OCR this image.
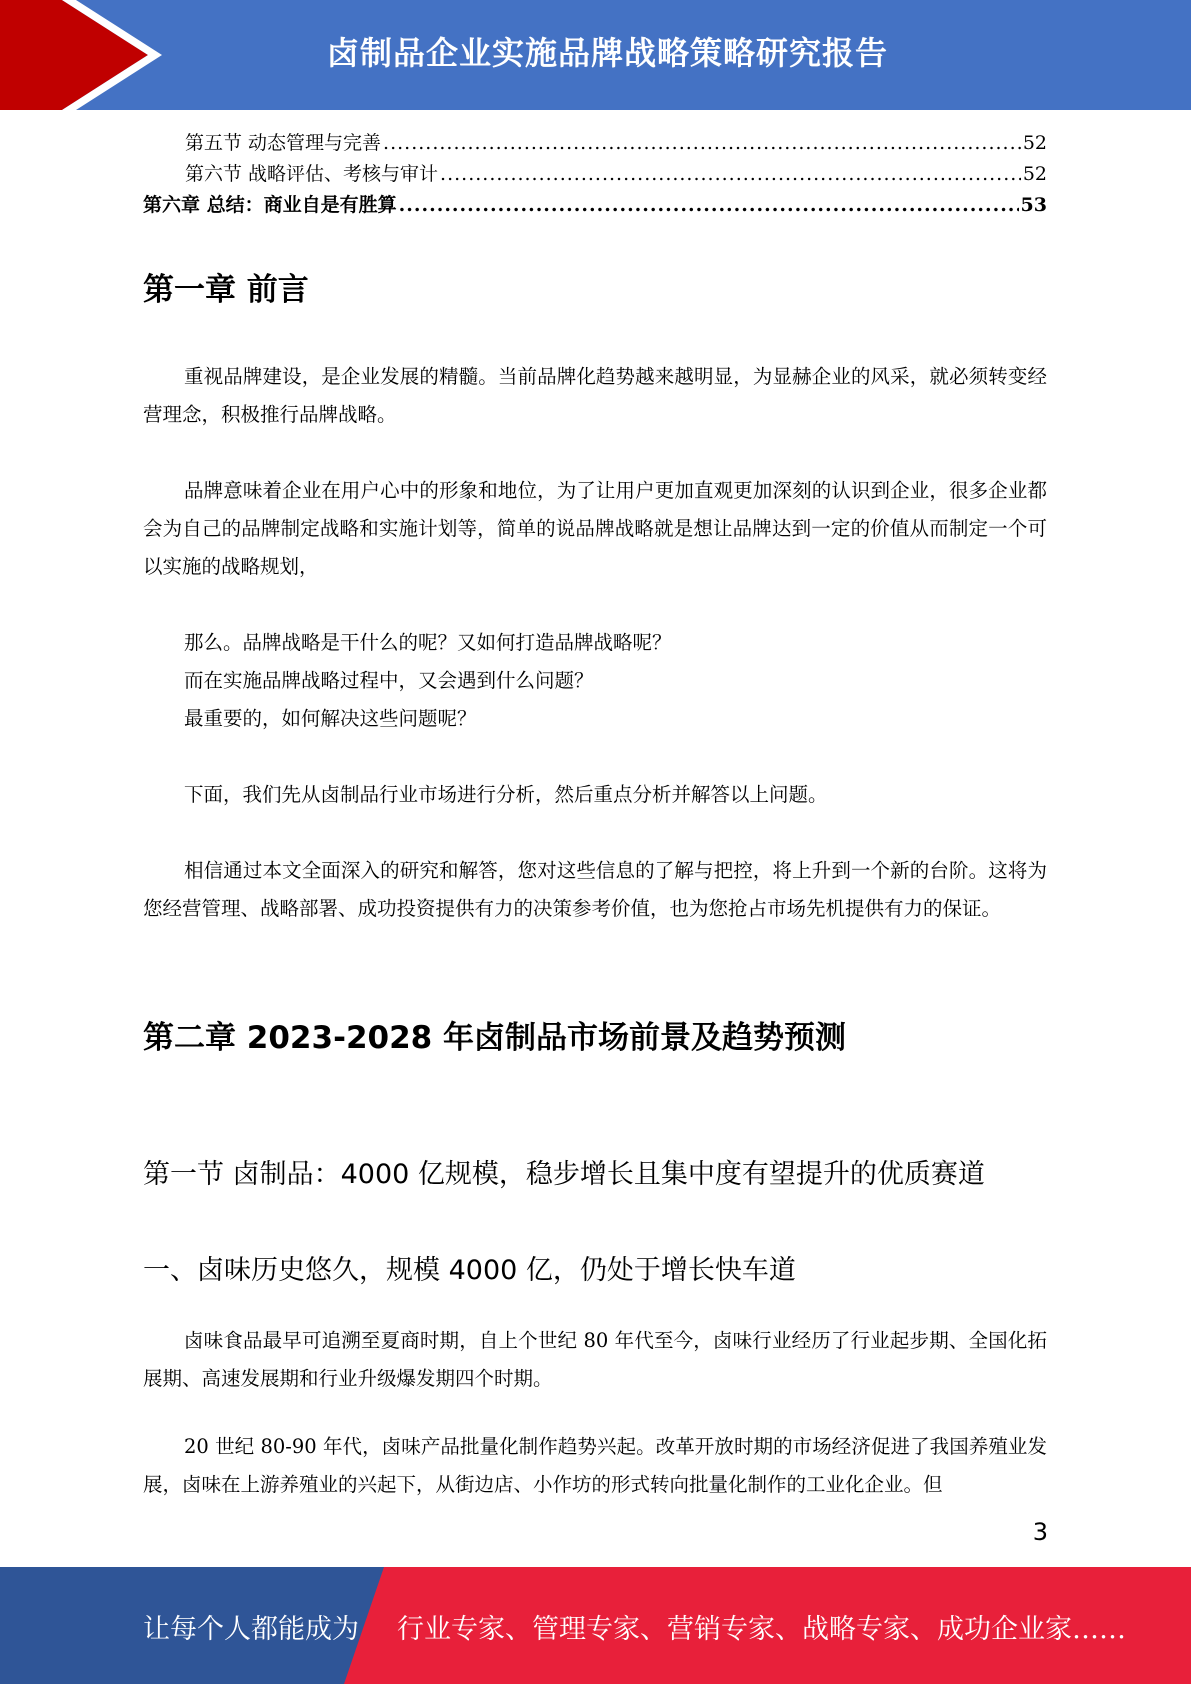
卤制品企业实施品牌战略策略研究报告
第五节 动态管理与完善 .....	52
第六节 战略评估、考核与审计 .....	52
第六章 总结：商业自是有胜算 .....	53
第一章 前言

重视品牌建设，是企业发展的精髓。当前品牌化趋势越来越明显，为显赫企业的风采，就必须转变经营理念，积极推行品牌战略。

品牌意味着企业在用户心中的形象和地位，为了让用户更加直观更加深刻的认识到企业，很多企业都会为自己的品牌制定战略和实施计划等，简单的说品牌战略就是想让品牌达到一定的价值从而制定一个可以实施的战略规划，

那么。品牌战略是干什么的呢？又如何打造品牌战略呢？

而在实施品牌战略过程中，又会遇到什么问题？

最重要的，如何解决这些问题呢？

下面，我们先从卤制品行业市场进行分析，然后重点分析并解答以上问题。

相信通过本文全面深入的研究和解答，您对这些信息的了解与把控，将上升到一个新的台阶。这将为您经营管理、战略部署、成功投资提供有力的决策参考价值，也为您抢占市场先机提供有力的保证。

第二章 2023-2028 年卤制品市场前景及趋势预测
第一节 卤制品：4000 亿规模，稳步增长且集中度有望提升的优质赛道
一、卤味历史悠久，规模 4000 亿，仍处于增长快车道

卤味食品最早可追溯至夏商时期，自上个世纪 80 年代至今，卤味行业经历了行业起步期、全国化拓展期、高速发展期和行业升级爆发期四个时期。

20 世纪 80-90 年代，卤味产品批量化制作趋势兴起。改革开放时期的市场经济促进了我国养殖业发展，卤味在上游养殖业的兴起下，从街边店、小作坊的形式转向批量化制作的工业化企业。但

3
让每个人都能成为 行业专家、管理专家、营销专家、战略专家、成功企业家……
